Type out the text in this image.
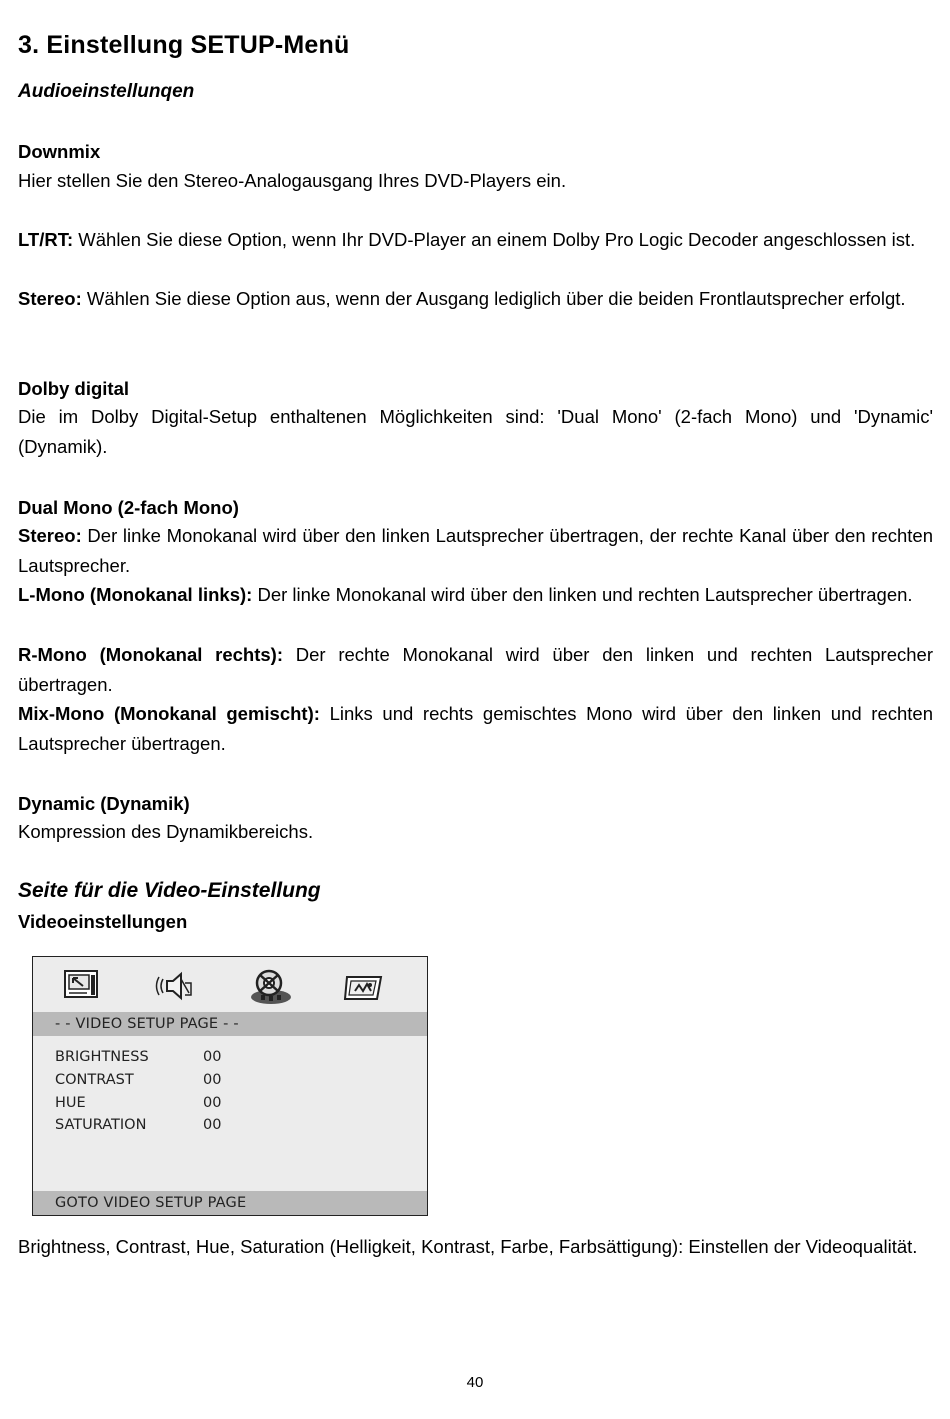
3. Einstellung SETUP-Menü
Audioeinstellunqen
Downmix
Hier stellen Sie den Stereo-Analogausgang Ihres DVD-Players ein.
LT/RT: Wählen Sie diese Option, wenn Ihr DVD-Player an einem Dolby Pro Logic Decoder angeschlossen ist.
Stereo: Wählen Sie diese Option aus, wenn der Ausgang lediglich über die beiden Frontlautsprecher erfolgt.
Dolby digital
Die im Dolby Digital-Setup enthaltenen Möglichkeiten sind: 'Dual Mono' (2-fach Mono) und 'Dynamic' (Dynamik).
Dual Mono (2-fach Mono)
Stereo: Der linke Monokanal wird über den linken Lautsprecher übertragen, der rechte Kanal über den rechten Lautsprecher.
L-Mono (Monokanal links): Der linke Monokanal wird über den linken und rechten Lautsprecher übertragen.
R-Mono (Monokanal rechts): Der rechte Monokanal wird über den linken und rechten Lautsprecher übertragen.
Mix-Mono (Monokanal gemischt): Links und rechts gemischtes Mono wird über den linken und rechten Lautsprecher übertragen.
Dynamic (Dynamik)
Kompression des Dynamikbereichs.
Seite für die Video-Einstellung
Videoeinstellungen
- - VIDEO SETUP PAGE - -
BRIGHTNESS	00
CONTRAST	00
HUE	00
SATURATION	00
GOTO VIDEO SETUP PAGE
Brightness, Contrast, Hue, Saturation (Helligkeit, Kontrast, Farbe, Farbsättigung): Einstellen der Videoqualität.
40
